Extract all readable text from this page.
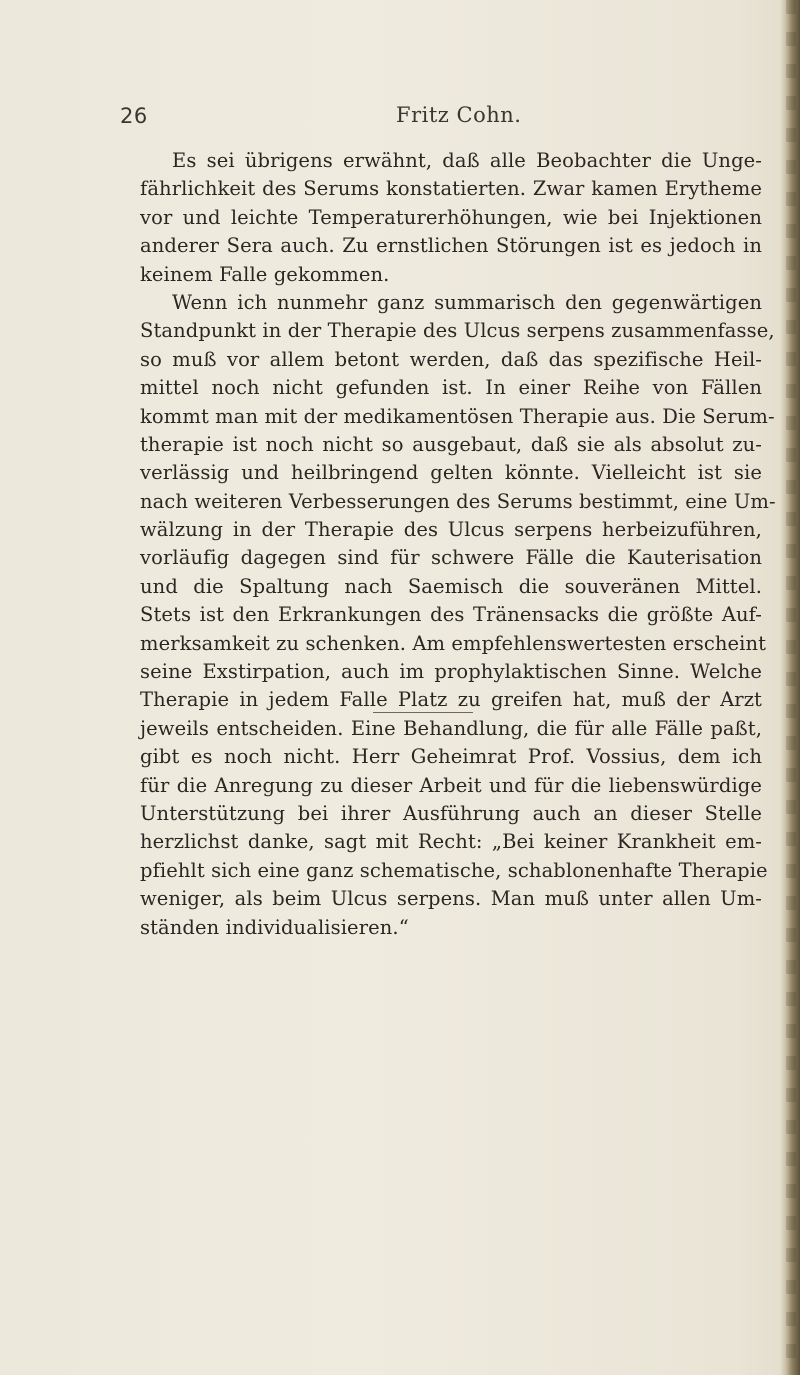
26	Fritz Cohn.
Es sei übrigens erwähnt, daß alle Beobachter die Unge-
fährlichkeit des Serums konstatierten. Zwar kamen Erytheme
vor und leichte Temperaturerhöhungen, wie bei Injektionen
anderer Sera auch. Zu ernstlichen Störungen ist es jedoch in
keinem Falle gekommen.
Wenn ich nunmehr ganz summarisch den gegenwärtigen
Standpunkt in der Therapie des Ulcus serpens zusammenfasse,
so muß vor allem betont werden, daß das spezifische Heil-
mittel noch nicht gefunden ist. In einer Reihe von Fällen
kommt man mit der medikamentösen Therapie aus. Die Serum-
therapie ist noch nicht so ausgebaut, daß sie als absolut zu-
verlässig und heilbringend gelten könnte. Vielleicht ist sie
nach weiteren Verbesserungen des Serums bestimmt, eine Um-
wälzung in der Therapie des Ulcus serpens herbeizuführen,
vorläufig dagegen sind für schwere Fälle die Kauterisation
und die Spaltung nach Saemisch die souveränen Mittel.
Stets ist den Erkrankungen des Tränensacks die größte Auf-
merksamkeit zu schenken. Am empfehlenswertesten erscheint
seine Exstirpation, auch im prophylaktischen Sinne. Welche
Therapie in jedem Falle Platz zu greifen hat, muß der Arzt
jeweils entscheiden. Eine Behandlung, die für alle Fälle paßt,
gibt es noch nicht. Herr Geheimrat Prof. Vossius, dem ich
für die Anregung zu dieser Arbeit und für die liebenswürdige
Unterstützung bei ihrer Ausführung auch an dieser Stelle
herzlichst danke, sagt mit Recht: „Bei keiner Krankheit em-
pfiehlt sich eine ganz schematische, schablonenhafte Therapie
weniger, als beim Ulcus serpens. Man muß unter allen Um-
ständen individualisieren.“
